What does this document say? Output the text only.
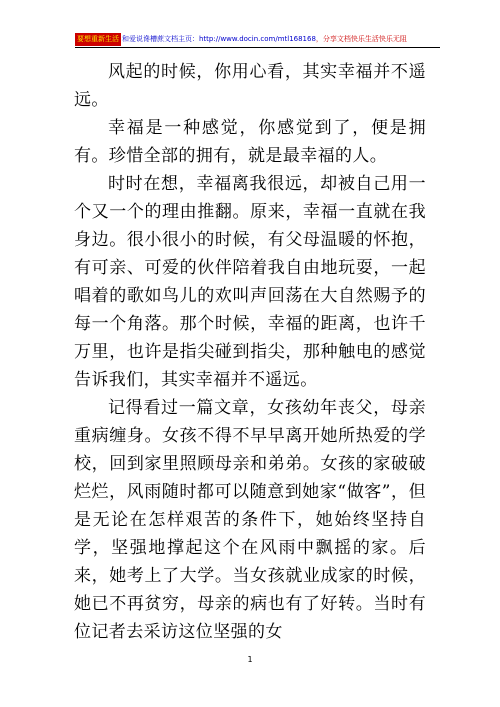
要想重新生活 和爱说谗槽蔗文档主页：http://www.docin.com/mtl168168，分享文档快乐生活快乐无阻

风起的时候，你用心看，其实幸福并不遥远。

幸福是一种感觉，你感觉到了，便是拥有。珍惜全部的拥有，就是最幸福的人。

时时在想，幸福离我很远，却被自己用一个又一个的理由推翻。原来，幸福一直就在我身边。很小很小的时候，有父母温暖的怀抱，有可亲、可爱的伙伴陪着我自由地玩耍，一起唱着的歌如鸟儿的欢叫声回荡在大自然赐予的每一个角落。那个时候，幸福的距离，也许千万里，也许是指尖碰到指尖，那种触电的感觉告诉我们，其实幸福并不遥远。

记得看过一篇文章，女孩幼年丧父，母亲重病缠身。女孩不得不早早离开她所热爱的学校，回到家里照顾母亲和弟弟。女孩的家破破烂烂，风雨随时都可以随意到她家“做客”，但是无论在怎样艰苦的条件下，她始终坚持自学，坚强地撑起这个在风雨中飘摇的家。后来，她考上了大学。当女孩就业成家的时候，她已不再贫穷，母亲的病也有了好转。当时有位记者去采访这位坚强的女

1
